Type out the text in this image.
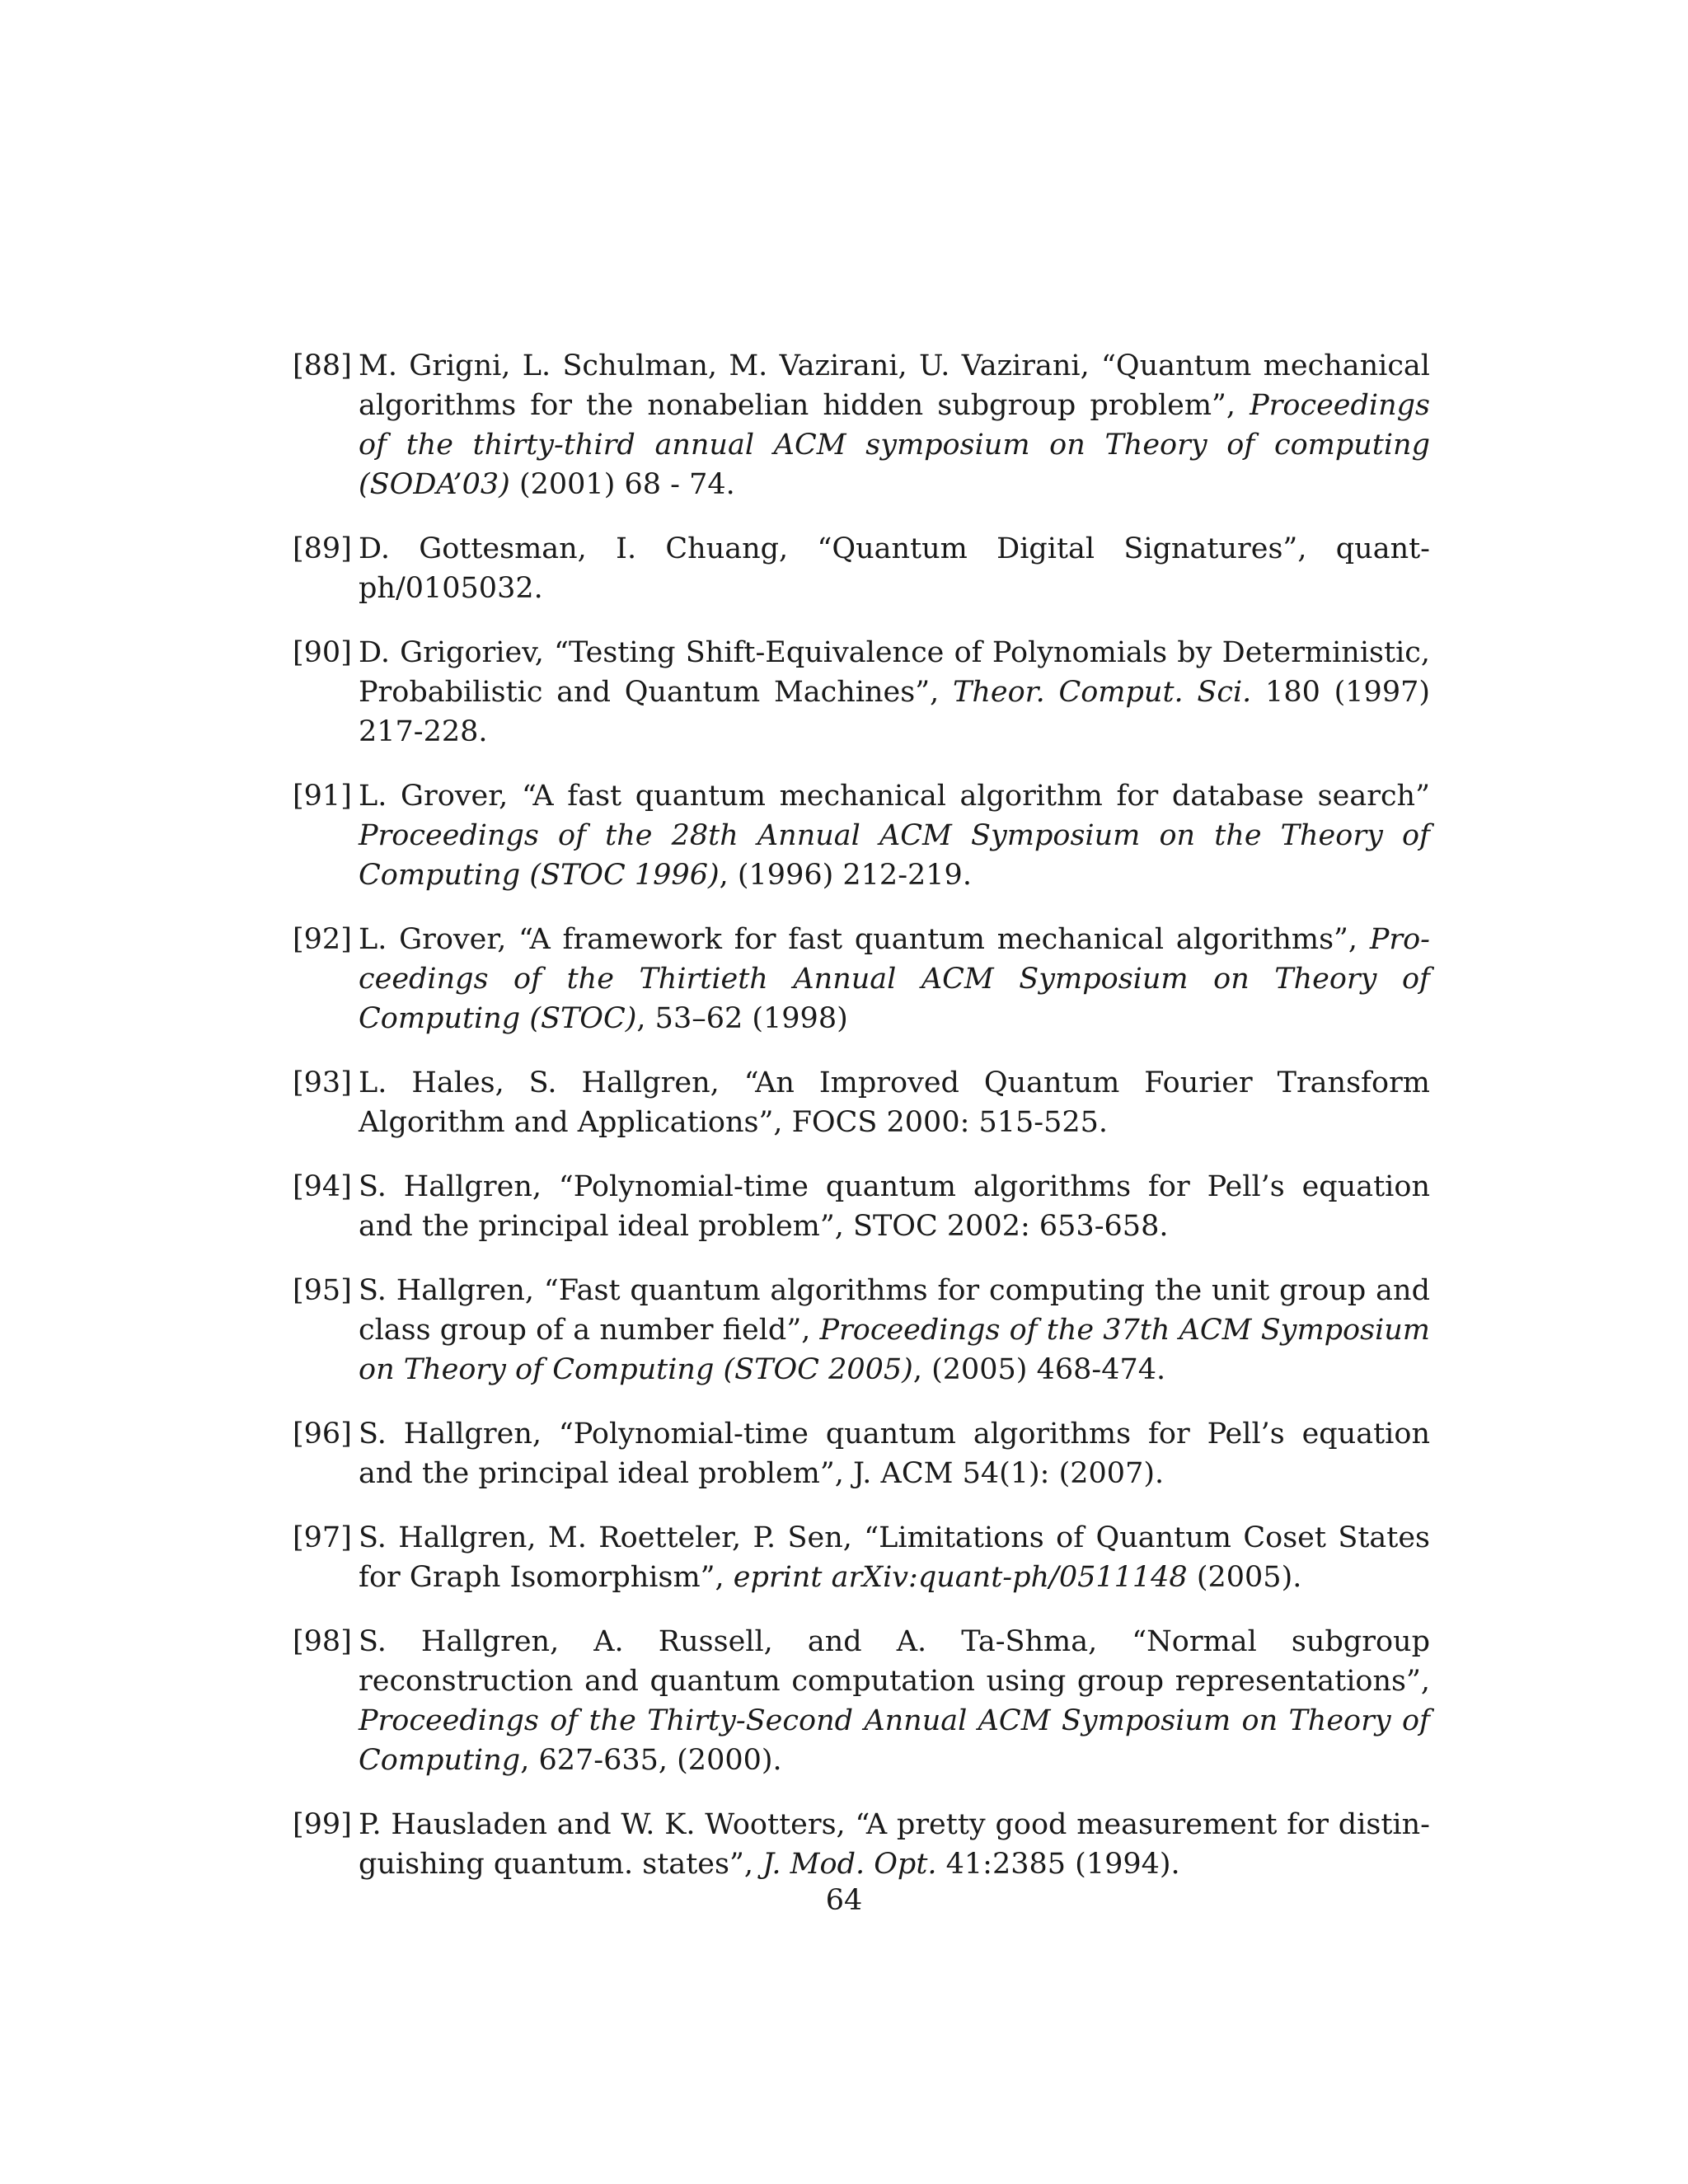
[88] M. Grigni, L. Schulman, M. Vazirani, U. Vazirani, “Quantum mechanical algorithms for the nonabelian hidden subgroup problem”, Proceedings of the thirty-third annual ACM symposium on Theory of computing (SODA’03) (2001) 68 - 74.
[89] D. Gottesman, I. Chuang, “Quantum Digital Signatures”, quant-ph/0105032.
[90] D. Grigoriev, “Testing Shift-Equivalence of Polynomials by Deterministic, Probabilistic and Quantum Machines”, Theor. Comput. Sci. 180 (1997) 217-228.
[91] L. Grover, “A fast quantum mechanical algorithm for database search” Proceedings of the 28th Annual ACM Symposium on the Theory of Computing (STOC 1996), (1996) 212-219.
[92] L. Grover, “A framework for fast quantum mechanical algorithms”, Proceedings of the Thirtieth Annual ACM Symposium on Theory of Computing (STOC), 53–62 (1998)
[93] L. Hales, S. Hallgren, “An Improved Quantum Fourier Transform Algorithm and Applications”, FOCS 2000: 515-525.
[94] S. Hallgren, “Polynomial-time quantum algorithms for Pell’s equation and the principal ideal problem”, STOC 2002: 653-658.
[95] S. Hallgren, “Fast quantum algorithms for computing the unit group and class group of a number field”, Proceedings of the 37th ACM Symposium on Theory of Computing (STOC 2005), (2005) 468-474.
[96] S. Hallgren, “Polynomial-time quantum algorithms for Pell’s equation and the principal ideal problem”, J. ACM 54(1): (2007).
[97] S. Hallgren, M. Roetteler, P. Sen, “Limitations of Quantum Coset States for Graph Isomorphism”, eprint arXiv:quant-ph/0511148 (2005).
[98] S. Hallgren, A. Russell, and A. Ta-Shma, “Normal subgroup reconstruction and quantum computation using group representations”, Proceedings of the Thirty-Second Annual ACM Symposium on Theory of Computing, 627-635, (2000).
[99] P. Hausladen and W. K. Wootters, “A pretty good measurement for distinguishing quantum. states”, J. Mod. Opt. 41:2385 (1994).
64
